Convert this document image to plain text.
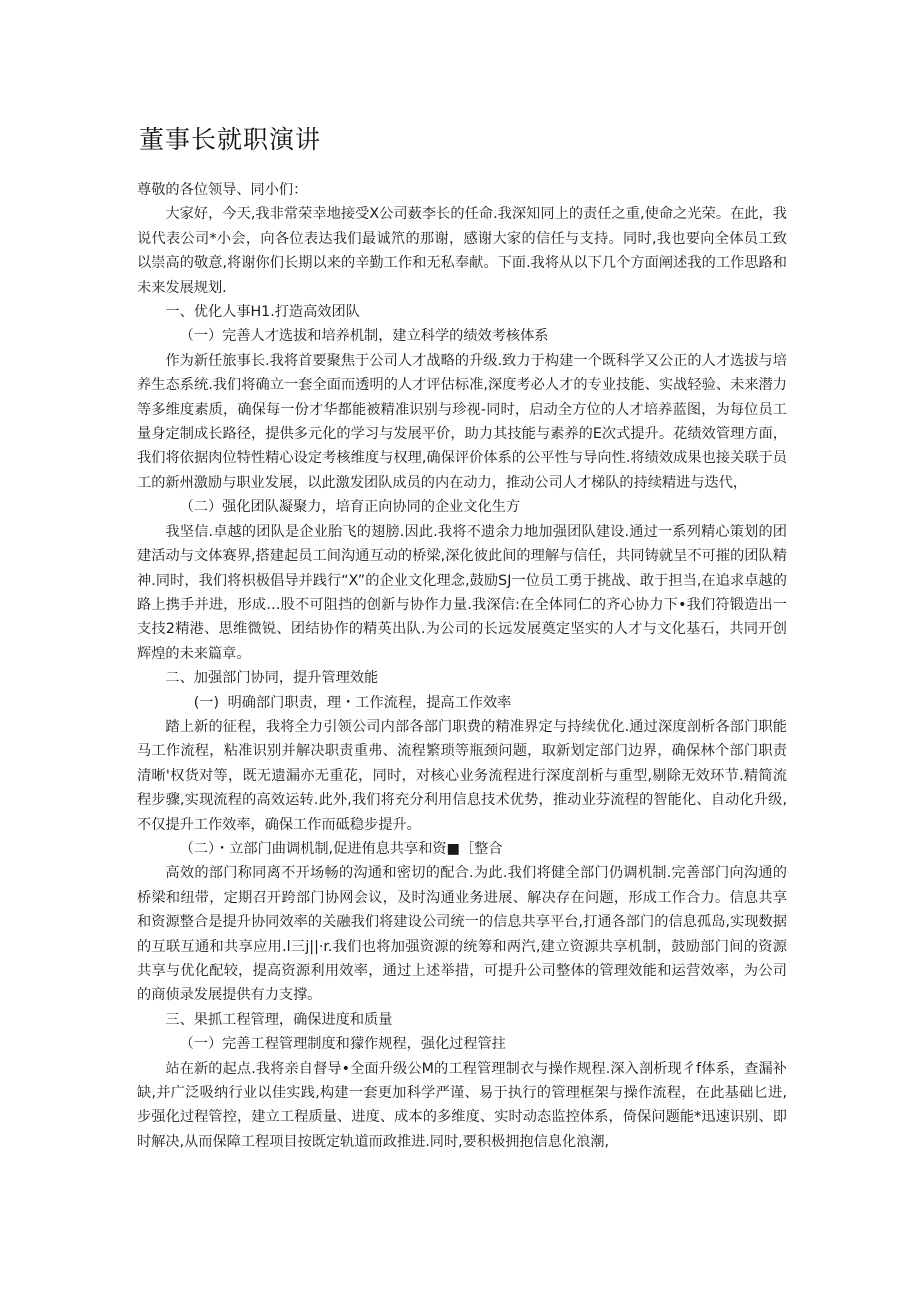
董事长就职演讲

尊敬的各位领导、同小们：

大家好，今天,我非常荣幸地接受X公司薮李长的任命.我深知同上的责任之重,使命之光荣。在此，我说代表公司*小会，向各位表达我们最诚笊的那谢，感谢大家的信任与支持。同时,我也要向全体员工致以崇高的敬意,将谢你们长期以来的辛勤工作和无私奉献。下面.我将从以下几个方面阐述我的工作思路和未来发展规划.

一、优化人事H1.打造高效团队

（一）完善人才选拔和培养机制，建立科学的绩效考核体系

作为新任旅事长.我将首要聚焦于公司人才战略的升级.致力于构建一个既科学又公正的人才选拔与培养生态系统.我们将确立一套全面而透明的人才评估标准,深度考必人才的专业技能、实战轻验、未来潜力等多维度素质，确保每一份才华都能被精准识别与珍视-同时，启动全方位的人才培养蓝图，为每位员工量身定制成长路径，提供多元化的学习与发展平价，助力其技能与素养的E次式提升。花绩效管理方面，我们将依据肉位特性精心设定考核维度与权理,确保评价体系的公平性与导向性.将绩效成果也接关联于员工的新州激励与职业发展，以此激发团队成员的内在动力，推动公司人才梯队的持续精进与迭代，

（二）强化团队凝聚力，培育正向协同的企业文化生方

我坚信.卓越的团队是企业胎飞的翅膀.因此.我将不遗余力地加强团队建设.通过一系列精心策划的团建活动与文体赛界,搭建起员工间沟通互动的桥梁,深化彼此间的理解与信任，共同铸就呈不可摧的团队精神.同时，我们将枳极倡导并践行“X”的企业文化理念,鼓励SJ一位员工勇于挑战、敢于担当,在追求卓越的路上携手并进，形成…股不可阻挡的创新与协作力量.我深信:在全体同仁的齐心协力下•我们符锻造出一支技2精港、思维微锐、团结协作的精英出队.为公司的长远发展奠定坚实的人才与文化基石，共同开创辉煌的未来篇章。

二、加强部门协同，提升管理效能

(一) 明确部门职责，理・工作流程，提高工作效率

踏上新的征程，我将全力引领公司内部各部门职费的精准界定与持续优化.通过深度剖析各部门职能马工作流程，粘准识别并解决职责重弗、流程繁琐等瓶颈问题，取新划定部门边界，确保林个部门职责清晰'权货对等，既无遗漏亦无重花，同时，对核心业务流程进行深度剖析与重型,剔除无效环节.精简流程步骤,实现流程的高效运转.此外,我们将充分利用信息技术优势，推动业芬流程的智能化、自动化升级,不仅提升工作效率，确保工作而砥稳步提升。

（二）・立部门曲调机制,促进侑息共享和资■［整合

高效的部门称同离不开场畅的沟通和密切的配合.为此.我们将健全部门仍调机制.完善部门向沟通的桥梁和纽带，定期召开跨部门协网会议，及时沟通业务进展、解决存在问题，形成工作合力。信息共享和资源整合是提升协同效率的关融我们将建设公司统一的信息共享平台,打通各部门的信息孤岛,实现数据的互联互通和共享应用.l三j||·r.我们也将加强资源的统筹和两汽,建立资源共享机制，鼓励部门间的资源共享与优化配较，提高资源利用效率，通过上述举措，可提升公司整体的管理效能和运营效率，为公司的商侦录发展提供有力支撑。

三、果抓工程管理，确保进度和质量

（一）完善工程管理制度和獴作规程，强化过程管拄

站在新的起点.我将亲自督导•全面升级公M的工程管理制衣与操作规程.深入剖析现彳f体系，查漏补缺,并广泛吸纳行业以佳实践,构建一套更加科学严谨、易于执行的管理框架与操作流程，在此基础匕进,步强化过程管控，建立工程质量、进度、成本的多维度、实时动态监控体系，倚保问题能*迅速识别、即时解决,从而保障工程项目按既定轨道而政推进.同时,要积极拥抱信息化浪潮,
